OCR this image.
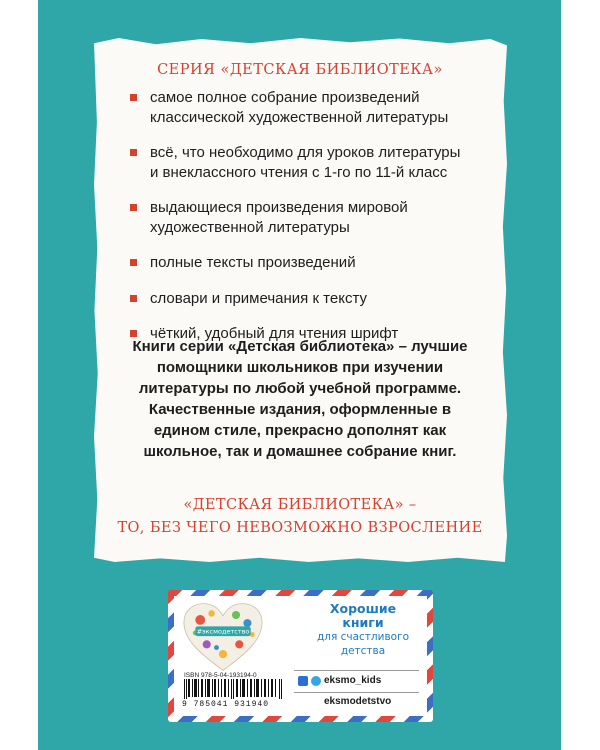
СЕРИЯ «ДЕТСКАЯ БИБЛИОТЕКА»
самое полное собрание произведений классической художественной литературы
всё, что необходимо для уроков литературы и внеклассного чтения с 1-го по 11-й класс
выдающиеся произведения мировой художественной литературы
полные тексты произведений
словари и примечания к тексту
чёткий, удобный для чтения шрифт
Книги серии «Детская библиотека» – лучшие помощники школьников при изучении литературы по любой учебной программе. Качественные издания, оформленные в едином стиле, прекрасно дополнят как школьное, так и домашнее собрание книг.
«ДЕТСКАЯ БИБЛИОТЕКА» –
ТО, БЕЗ ЧЕГО НЕВОЗМОЖНО ВЗРОСЛЕНИЕ
#эксмодетство
Хорошие
книги
для счастливого
детства
ISBN 978-5-04-193194-0
9 785041 931940
eksmo_kids
eksmodetstvo
